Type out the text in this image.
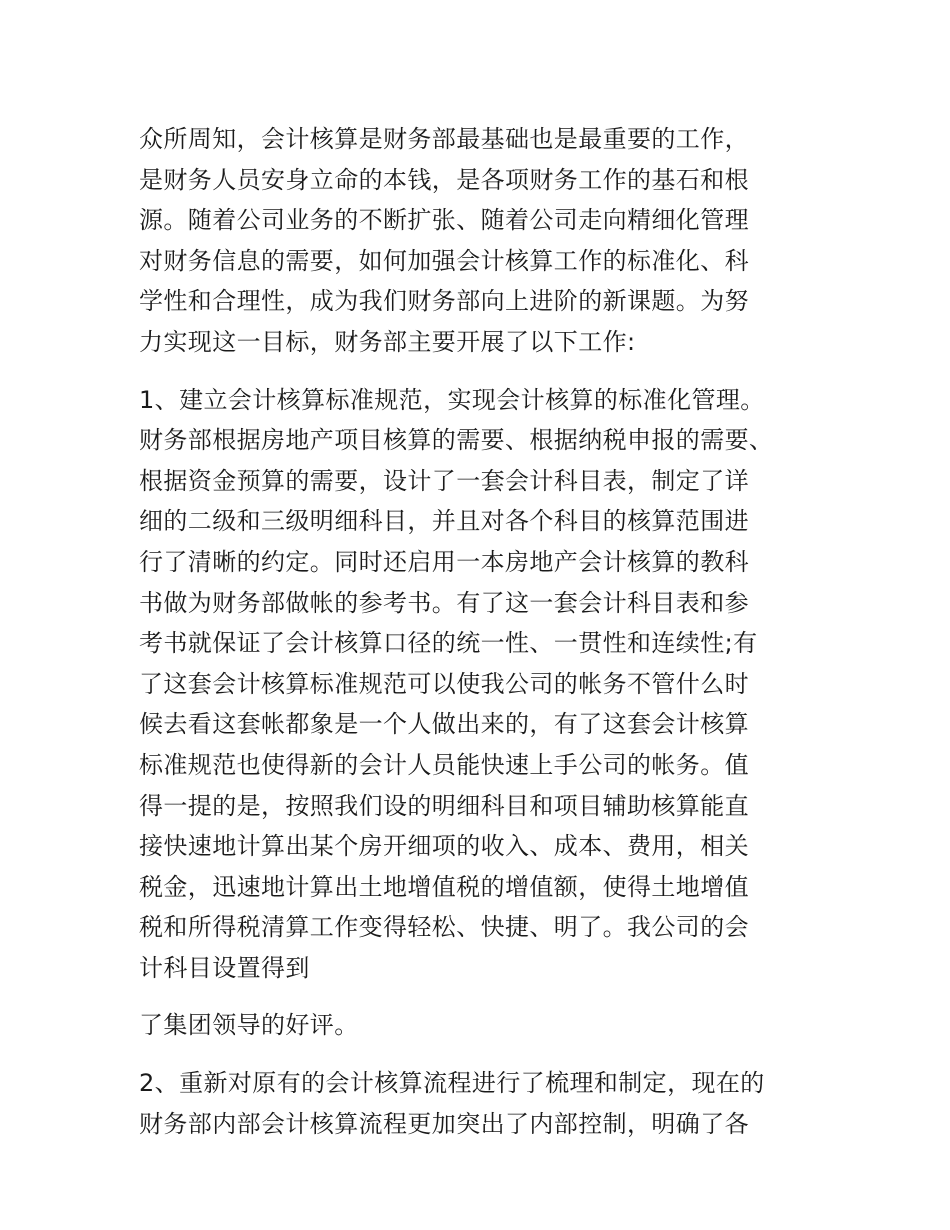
众所周知，会计核算是财务部最基础也是最重要的工作，
是财务人员安身立命的本钱，是各项财务工作的基石和根
源。随着公司业务的不断扩张、随着公司走向精细化管理
对财务信息的需要，如何加强会计核算工作的标准化、科
学性和合理性，成为我们财务部向上进阶的新课题。为努
力实现这一目标，财务部主要开展了以下工作:

1、建立会计核算标准规范，实现会计核算的标准化管理。
财务部根据房地产项目核算的需要、根据纳税申报的需要、
根据资金预算的需要，设计了一套会计科目表，制定了详
细的二级和三级明细科目，并且对各个科目的核算范围进
行了清晰的约定。同时还启用一本房地产会计核算的教科
书做为财务部做帐的参考书。有了这一套会计科目表和参
考书就保证了会计核算口径的统一性、一贯性和连续性;有
了这套会计核算标准规范可以使我公司的帐务不管什么时
候去看这套帐都象是一个人做出来的，有了这套会计核算
标准规范也使得新的会计人员能快速上手公司的帐务。值
得一提的是，按照我们设的明细科目和项目辅助核算能直
接快速地计算出某个房开细项的收入、成本、费用，相关
税金，迅速地计算出土地增值税的增值额，使得土地增值
税和所得税清算工作变得轻松、快捷、明了。我公司的会
计科目设置得到

了集团领导的好评。

2、重新对原有的会计核算流程进行了梳理和制定，现在的
财务部内部会计核算流程更加突出了内部控制，明确了各
